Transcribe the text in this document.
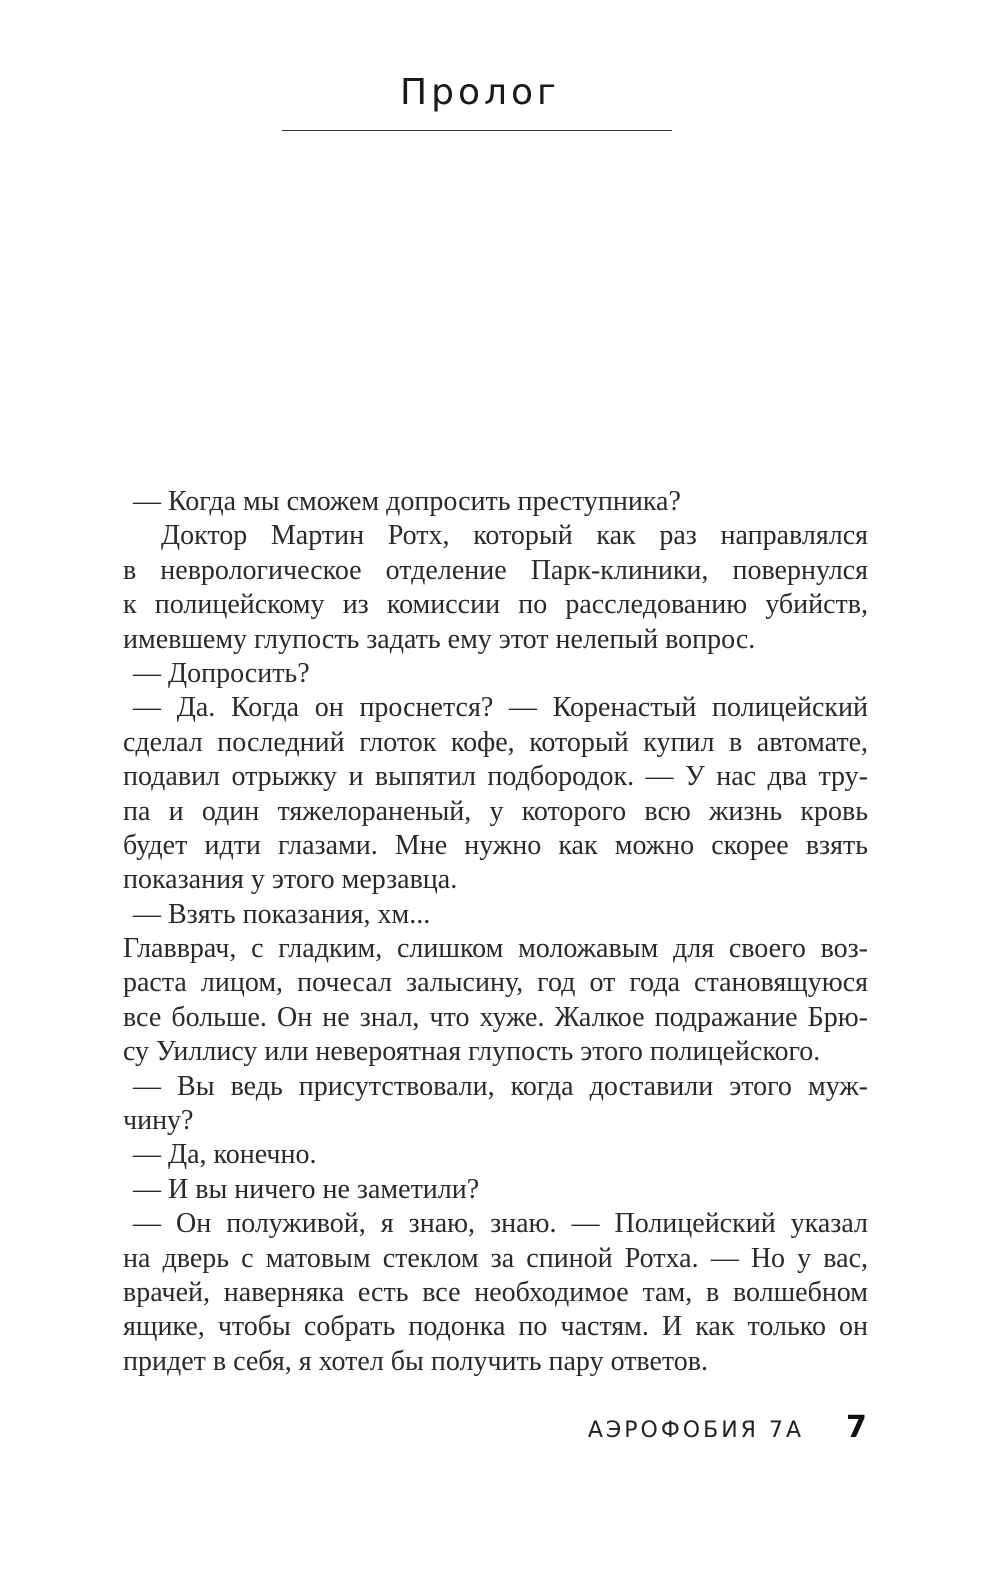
Пролог
— Когда мы сможем допросить преступника?
Доктор Мартин Ротх, который как раз направлялся
в неврологическое отделение Парк-клиники, повернулся
к полицейскому из комиссии по расследованию убийств,
имевшему глупость задать ему этот нелепый вопрос.
— Допросить?
— Да. Когда он проснется? — Коренастый полицейский
сделал последний глоток кофе, который купил в автомате,
подавил отрыжку и выпятил подбородок. — У нас два тру-
па и один тяжелораненый, у которого всю жизнь кровь
будет идти глазами. Мне нужно как можно скорее взять
показания у этого мерзавца.
— Взять показания, хм...
Главврач, с гладким, слишком моложавым для своего воз-
раста лицом, почесал залысину, год от года становящуюся
все больше. Он не знал, что хуже. Жалкое подражание Брю-
су Уиллису или невероятная глупость этого полицейского.
— Вы ведь присутствовали, когда доставили этого муж-
чину?
— Да, конечно.
— И вы ничего не заметили?
— Он полуживой, я знаю, знаю. — Полицейский указал
на дверь с матовым стеклом за спиной Ротха. — Но у вас,
врачей, наверняка есть все необходимое там, в волшебном
ящике, чтобы собрать подонка по частям. И как только он
придет в себя, я хотел бы получить пару ответов.
АЭРОФОБИЯ 7А 7
